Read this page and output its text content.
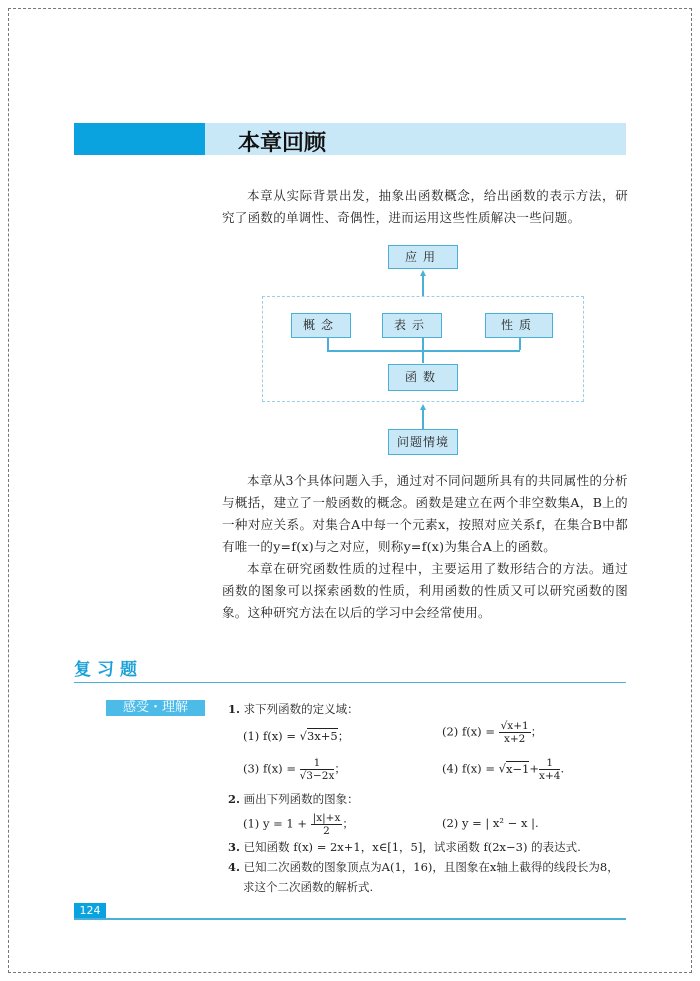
本章回顾

本章从实际背景出发，抽象出函数概念，给出函数的表示方法，研究了函数的单调性、奇偶性，进而运用这些性质解决一些问题。

应用
概念	表示	性质
函数
问题情境

本章从3个具体问题入手，通过对不同问题所具有的共同属性的分析与概括，建立了一般函数的概念。函数是建立在两个非空数集A，B上的一种对应关系。对集合A中每一个元素x，按照对应关系f，在集合B中都有唯一的y=f(x)与之对应，则称y=f(x)为集合A上的函数。

本章在研究函数性质的过程中，主要运用了数形结合的方法。通过函数的图象可以探索函数的性质，利用函数的性质又可以研究函数的图象。这种研究方法在以后的学习中会经常使用。

复习题
感受・理解	1. 求下列函数的定义域：
(1) f(x) = √3x+5；	(2) $f(x) = \frac{√x+1}{x+2}$ ；
(3) $f(x) = \frac{1}{√3-2x}$ ；	(4) $f(x) = √x-1+ \frac{1}{x+4}$ .
2. 画出下列函数的图象：
(1) $y = 1 + \frac{|x|+x}{2}$ ；	(2) y = | x² − x |.
3. 已知函数 f(x) = 2x+1，x∈[1，5]，试求函数 f(2x−3) 的表达式.
4. 已知二次函数的图象顶点为A(1，16)，且图象在x轴上截得的线段长为8，
求这个二次函数的解析式.
124
